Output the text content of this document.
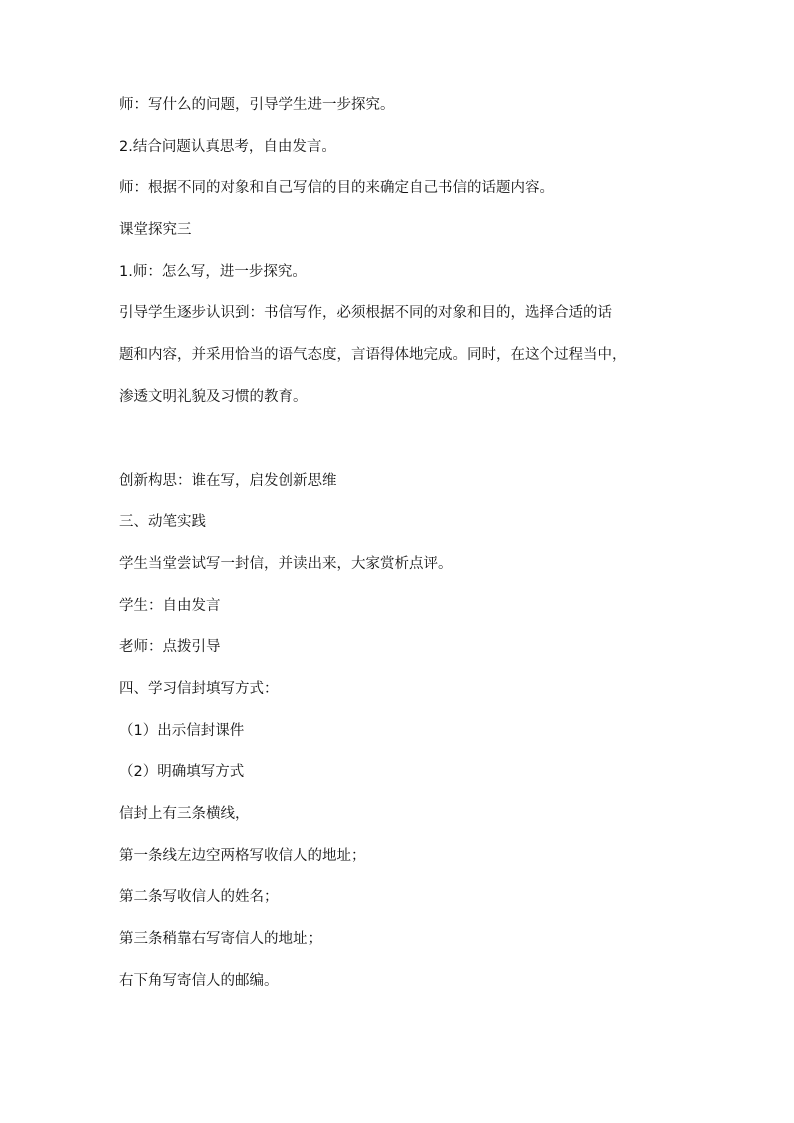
师：写什么的问题，引导学生进一步探究。
2.结合问题认真思考，自由发言。
师：根据不同的对象和自己写信的目的来确定自己书信的话题内容。
课堂探究三
1.师：怎么写，进一步探究。
引导学生逐步认识到：书信写作，必须根据不同的对象和目的，选择合适的话
题和内容，并采用恰当的语气态度，言语得体地完成。同时，在这个过程当中，
渗透文明礼貌及习惯的教育。
创新构思：谁在写，启发创新思维
三、动笔实践
学生当堂尝试写一封信，并读出来，大家赏析点评。
学生：自由发言
老师：点拨引导
四、学习信封填写方式：
（1）出示信封课件
（2）明确填写方式
信封上有三条横线，
第一条线左边空两格写收信人的地址；
第二条写收信人的姓名；
第三条稍靠右写寄信人的地址；
右下角写寄信人的邮编。
